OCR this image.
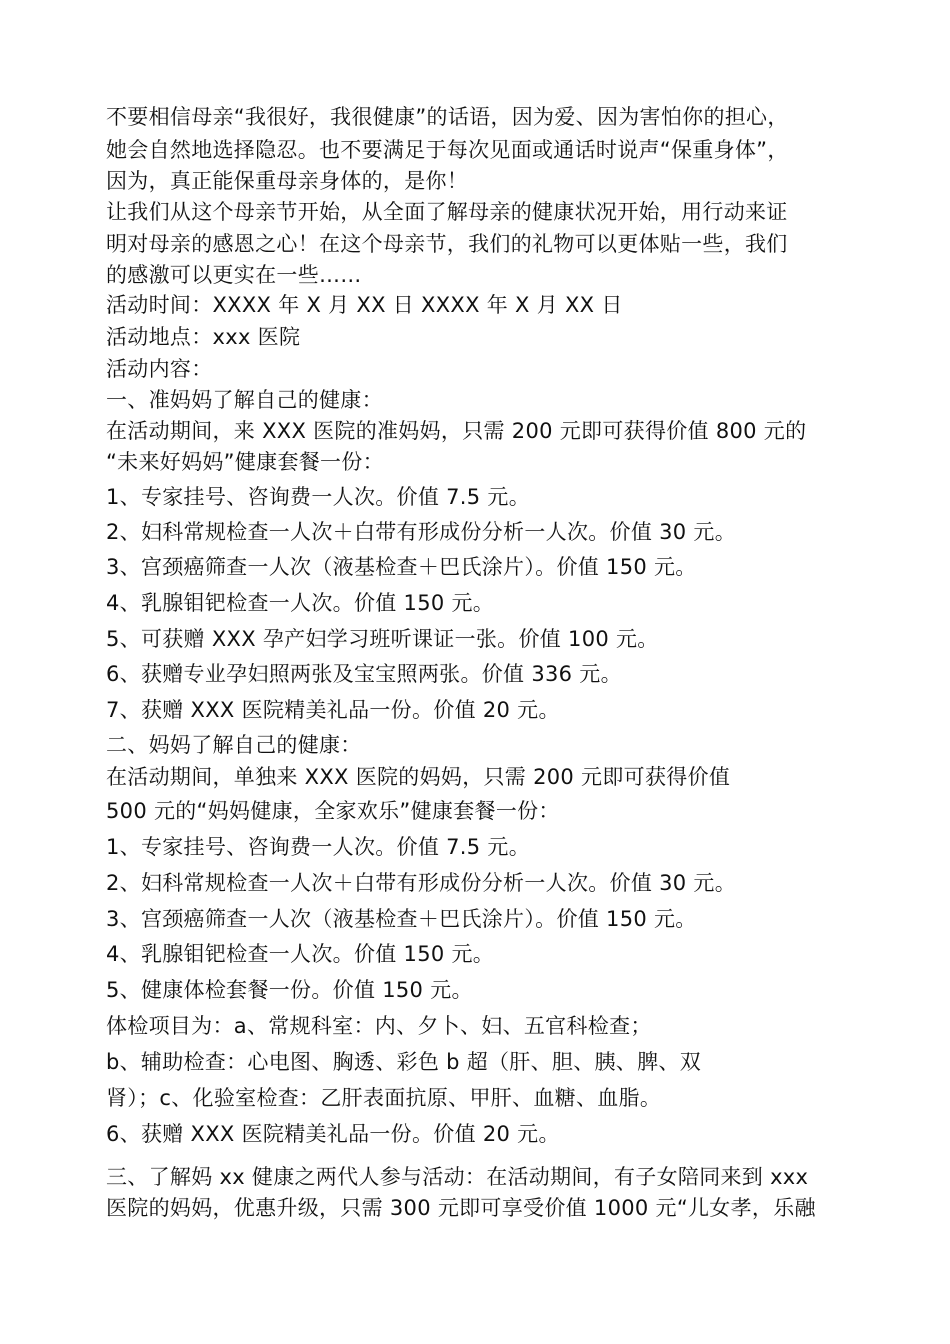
不要相信母亲“我很好，我很健康”的话语，因为爱、因为害怕你的担心，
她会自然地选择隐忍。也不要满足于每次见面或通话时说声“保重身体”，
因为，真正能保重母亲身体的，是你！
让我们从这个母亲节开始，从全面了解母亲的健康状况开始，用行动来证
明对母亲的感恩之心！在这个母亲节，我们的礼物可以更体贴一些，我们
的感激可以更实在一些……
活动时间：XXXX 年 X 月 XX 日 XXXX 年 X 月 XX 日
活动地点：xxx 医院
活动内容：
一、准妈妈了解自己的健康：
在活动期间，来 XXX 医院的准妈妈，只需 200 元即可获得价值 800 元的
“未来好妈妈”健康套餐一份：
1、专家挂号、咨询费一人次。价值 7.5 元。
2、妇科常规检查一人次＋白带有形成份分析一人次。价值 30 元。
3、宫颈癌筛查一人次（液基检查＋巴氏涂片）。价值 150 元。
4、乳腺钼钯检查一人次。价值 150 元。
5、可获赠 XXX 孕产妇学习班听课证一张。价值 100 元。
6、获赠专业孕妇照两张及宝宝照两张。价值 336 元。
7、获赠 XXX 医院精美礼品一份。价值 20 元。
二、妈妈了解自己的健康：
在活动期间，单独来 XXX 医院的妈妈，只需 200 元即可获得价值
500 元的“妈妈健康，全家欢乐”健康套餐一份：
1、专家挂号、咨询费一人次。价值 7.5 元。
2、妇科常规检查一人次＋白带有形成份分析一人次。价值 30 元。
3、宫颈癌筛查一人次（液基检查＋巴氏涂片）。价值 150 元。
4、乳腺钼钯检查一人次。价值 150 元。
5、健康体检套餐一份。价值 150 元。
体检项目为：a、常规科室：内、夕卜、妇、五官科检查；
b、辅助检查：心电图、胸透、彩色 b 超（肝、胆、胰、脾、双
肾）；c、化验室检查：乙肝表面抗原、甲肝、血糖、血脂。
6、获赠 XXX 医院精美礼品一份。价值 20 元。
三、了解妈 xx 健康之两代人参与活动：在活动期间，有子女陪同来到 xxx
医院的妈妈，优惠升级，只需 300 元即可享受价值 1000 元“儿女孝，乐融
